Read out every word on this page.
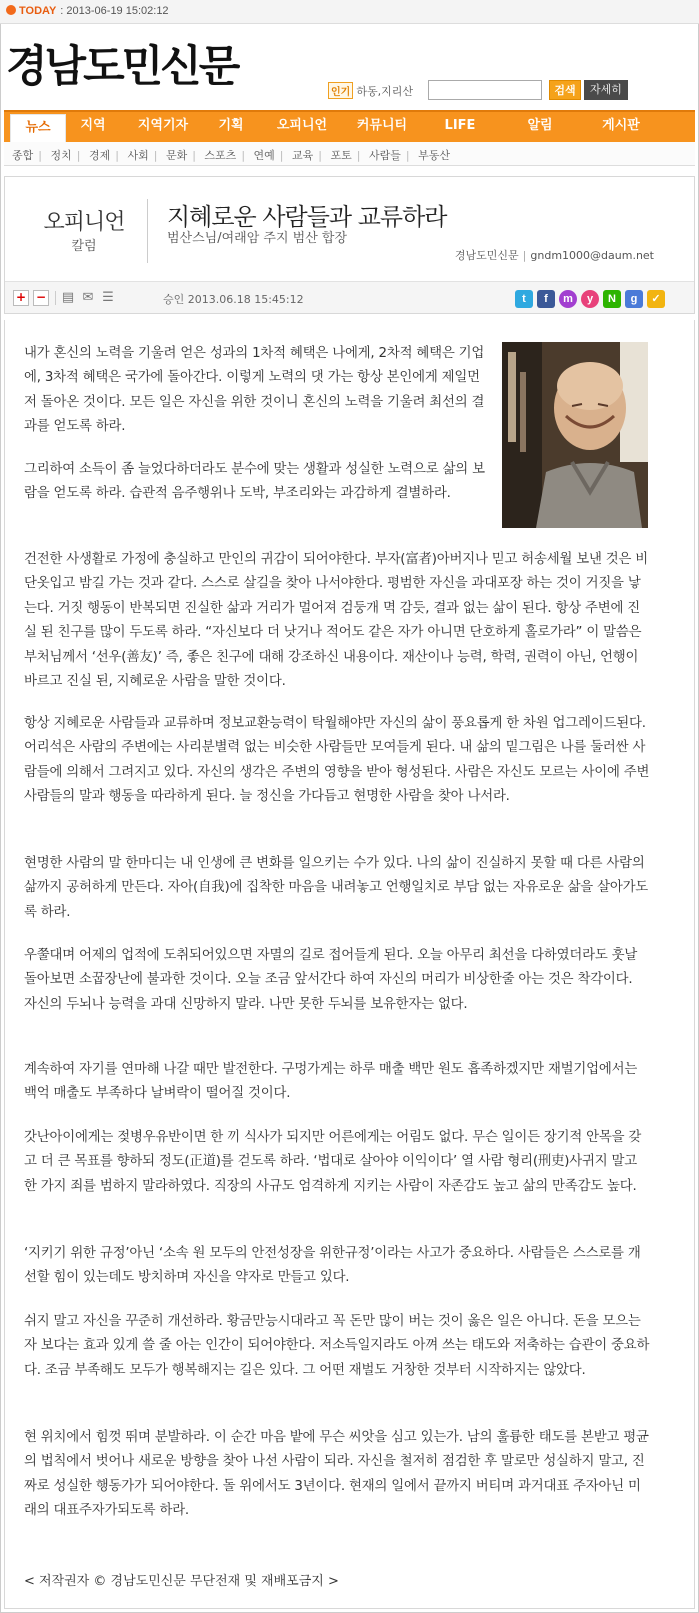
TODAY : 2013-06-19 15:02:12
경남도민신문
인기 하동,지리산	검색	자세히
뉴스	지역	지역기자	기획	오피니언	커뮤니티	LIFE	알림	게시판
종합 | 정치 | 경제 | 사회 | 문화 | 스포츠 | 연예 | 교육 | 포토 | 사람들 | 부동산
오피니언
칼럼
지혜로운 사람들과 교류하라
범산스님/여래암 주지 범산 합장
경남도민신문 | gndm1000@daum.net
+ − ▤ ✉ ☰	승인 2013.06.18 15:45:12	t	f	m	y	N	g	✓
내가 혼신의 노력을 기울려 얻은 성과의 1차적 혜택은 나에게, 2차적 혜택은 기업에, 3차적 혜택은 국가에 돌아간다. 이렇게 노력의 댓 가는 항상 본인에게 제일먼저 돌아온 것이다. 모든 일은 자신을 위한 것이니 혼신의 노력을 기울려 최선의 결과를 얻도록 하라.
그리하여 소득이 좀 늘었다하더라도 분수에 맞는 생활과 성실한 노력으로 삶의 보람을 얻도록 하라. 습관적 음주행위나 도박, 부조리와는 과감하게 결별하라.
건전한 사생활로 가정에 충실하고 만인의 귀감이 되어야한다. 부자(富者)아버지나 믿고 허송세월 보낸 것은 비단옷입고 밤길 가는 것과 같다. 스스로 살길을 찾아 나서야한다. 평범한 자신을 과대포장 하는 것이 거짓을 낳는다. 거짓 행동이 반복되면 진실한 삶과 거리가 멀어져 검둥개 멱 감듯, 결과 없는 삶이 된다. 항상 주변에 진실 된 친구를 많이 두도록 하라. “자신보다 더 낫거나 적어도 같은 자가 아니면 단호하게 홀로가라” 이 말씀은 부처님께서 ‘선우(善友)’ 즉, 좋은 친구에 대해 강조하신 내용이다. 재산이나 능력, 학력, 권력이 아닌, 언행이 바르고 진실 된, 지혜로운 사람을 말한 것이다.
항상 지혜로운 사람들과 교류하며 정보교환능력이 탁월해야만 자신의 삶이 풍요롭게 한 차원 업그레이드된다. 어리석은 사람의 주변에는 사리분별력 없는 비슷한 사람들만 모여들게 된다. 내 삶의 밑그림은 나를 둘러싼 사람들에 의해서 그려지고 있다. 자신의 생각은 주변의 영향을 받아 형성된다. 사람은 자신도 모르는 사이에 주변 사람들의 말과 행동을 따라하게 된다. 늘 정신을 가다듬고 현명한 사람을 찾아 나서라.
현명한 사람의 말 한마디는 내 인생에 큰 변화를 일으키는 수가 있다. 나의 삶이 진실하지 못할 때 다른 사람의 삶까지 공허하게 만든다. 자아(自我)에 집착한 마음을 내려놓고 언행일치로 부담 없는 자유로운 삶을 살아가도록 하라.
우쭐대며 어제의 업적에 도취되어있으면 자멸의 길로 접어들게 된다. 오늘 아무리 최선을 다하였더라도 훗날 돌아보면 소꿉장난에 불과한 것이다. 오늘 조금 앞서간다 하여 자신의 머리가 비상한줄 아는 것은 착각이다.
자신의 두뇌나 능력을 과대 신망하지 말라. 나만 못한 두뇌를 보유한자는 없다.
계속하여 자기를 연마해 나갈 때만 발전한다. 구멍가게는 하루 매출 백만 원도 흡족하겠지만 재벌기업에서는 백억 매출도 부족하다 날벼락이 떨어질 것이다.
갓난아이에게는 젖병우유반이면 한 끼 식사가 되지만 어른에게는 어림도 없다. 무슨 일이든 장기적 안목을 갖고 더 큰 목표를 향하되 정도(正道)를 걷도록 하라. ‘법대로 살아야 이익이다’ 열 사람 형리(刑吏)사귀지 말고 한 가지 죄를 범하지 말라하였다. 직장의 사규도 엄격하게 지키는 사람이 자존감도 높고 삶의 만족감도 높다.
‘지키기 위한 규정’아닌 ‘소속 원 모두의 안전성장을 위한규정’이라는 사고가 중요하다. 사람들은 스스로를 개선할 힘이 있는데도 방치하며 자신을 약자로 만들고 있다.
쉬지 말고 자신을 꾸준히 개선하라. 황금만능시대라고 꼭 돈만 많이 버는 것이 옳은 일은 아니다. 돈을 모으는 자 보다는 효과 있게 쓸 줄 아는 인간이 되어야한다. 저소득일지라도 아껴 쓰는 태도와 저축하는 습관이 중요하다. 조금 부족해도 모두가 행복해지는 길은 있다. 그 어떤 재벌도 거창한 것부터 시작하지는 않았다.
현 위치에서 힘껏 뛰며 분발하라. 이 순간 마음 밭에 무슨 씨앗을 심고 있는가. 남의 훌륭한 태도를 본받고 평균의 법칙에서 벗어나 새로운 방향을 찾아 나선 사람이 되라. 자신을 철저히 점검한 후 말로만 성실하지 말고, 진짜로 성실한 행동가가 되어야한다. 돌 위에서도 3년이다. 현재의 일에서 끝까지 버티며 과거대표 주자아닌 미래의 대표주자가되도록 하라.
< 저작권자 © 경남도민신문 무단전재 및 재배포금지 >
